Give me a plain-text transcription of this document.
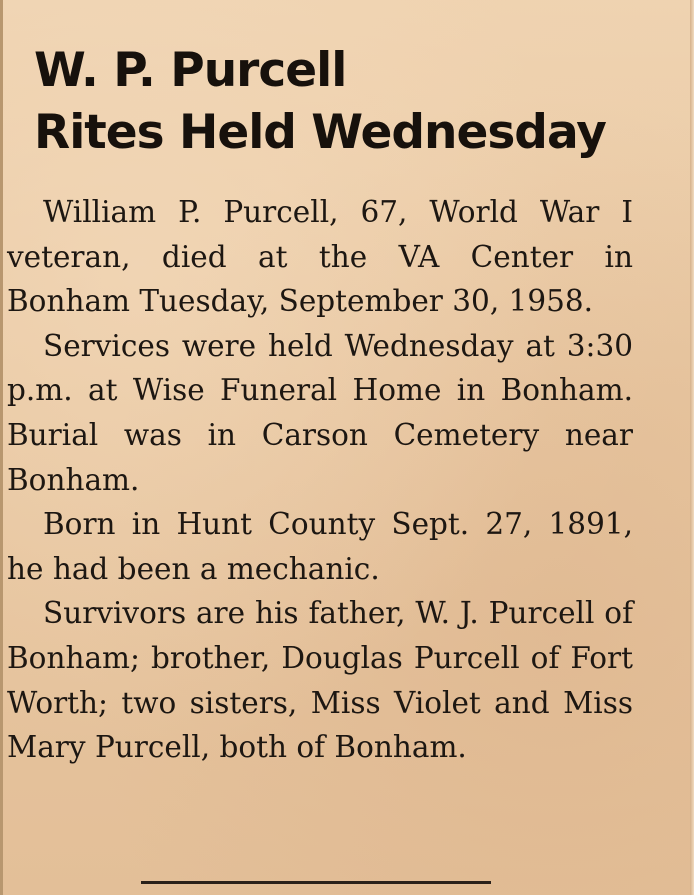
W. P. Purcell
Rites Held Wednesday

William P. Purcell, 67, World War I veteran, died at the VA Center in Bonham Tuesday, September 30, 1958.

Services were held Wednesday at 3:30 p.m. at Wise Funeral Home in Bonham. Burial was in Carson Cemetery near Bonham.

Born in Hunt County Sept. 27, 1891, he had been a mechanic.

Survivors are his father, W. J. Purcell of Bonham; brother, Douglas Purcell of Fort Worth; two sisters, Miss Violet and Miss Mary Purcell, both of Bonham.
